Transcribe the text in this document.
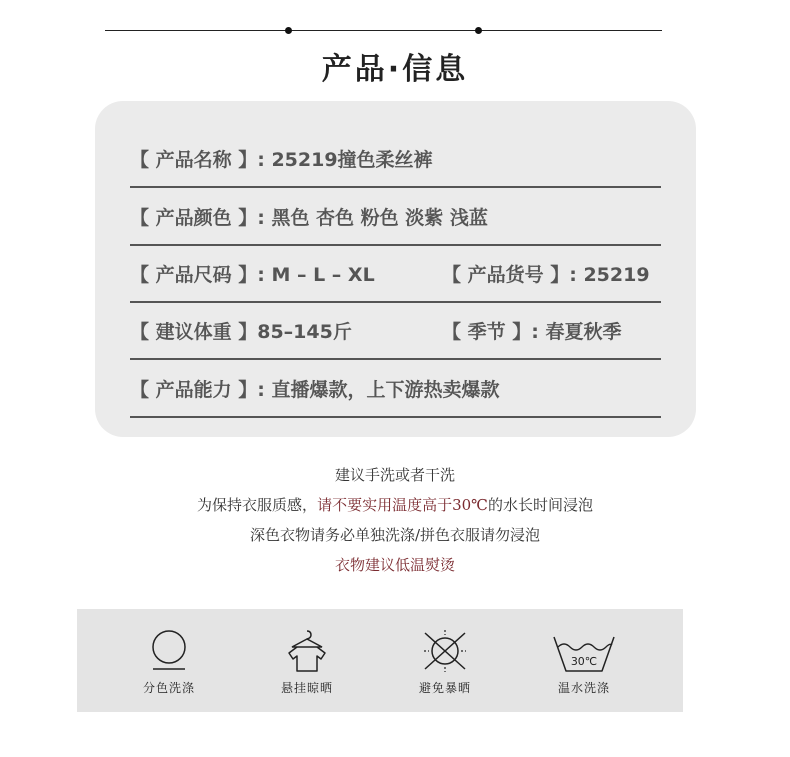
产品·信息
【 产品名称 】: 25219撞色柔丝裤
【 产品颜色 】: 黑色 杏色 粉色 淡紫 浅蓝
【 产品尺码 】: M – L – XL	【 产品货号 】: 25219
【 建议体重 】85–145斤	【 季节 】: 春夏秋季
【 产品能力 】: 直播爆款，上下游热卖爆款
建议手洗或者干洗
为保持衣服质感，请不要实用温度高于30℃的水长时间浸泡
深色衣物请务必单独洗涤/拼色衣服请勿浸泡
衣物建议低温熨烫
分色洗涤	悬挂晾晒	避免暴晒
30℃
温水洗涤
